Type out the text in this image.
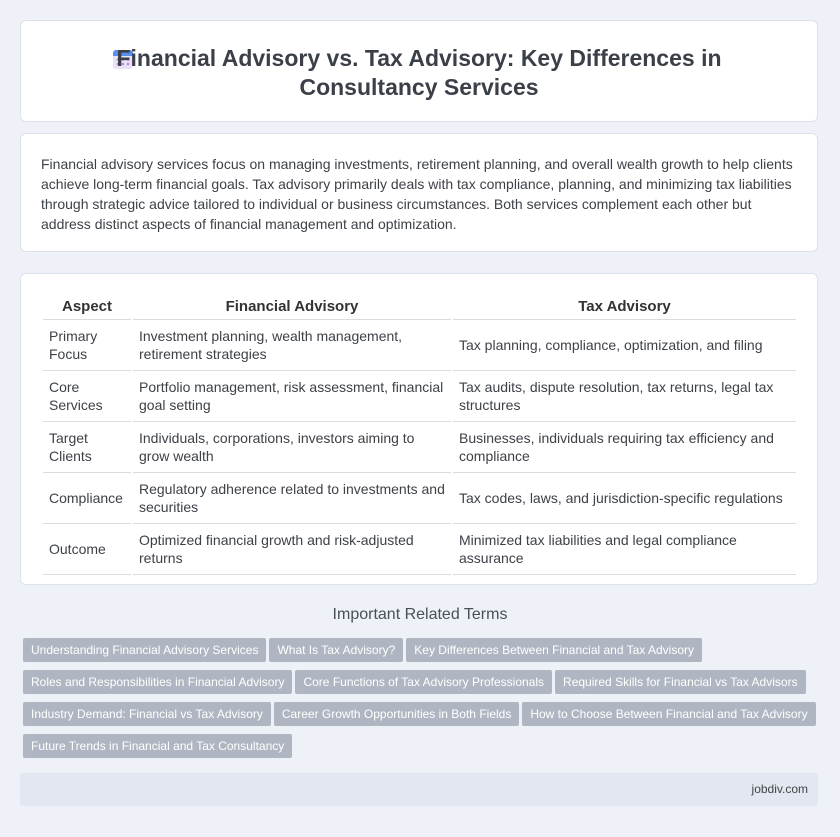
Financial Advisory vs. Tax Advisory: Key Differences in Consultancy Services

Financial advisory services focus on managing investments, retirement planning, and overall wealth growth to help clients achieve long-term financial goals. Tax advisory primarily deals with tax compliance, planning, and minimizing tax liabilities through strategic advice tailored to individual or business circumstances. Both services complement each other but address distinct aspects of financial management and optimization.

Aspect	Financial Advisory	Tax Advisory
Primary Focus	Investment planning, wealth management, retirement strategies	Tax planning, compliance, optimization, and filing
Core Services	Portfolio management, risk assessment, financial goal setting	Tax audits, dispute resolution, tax returns, legal tax structures
Target Clients	Individuals, corporations, investors aiming to grow wealth	Businesses, individuals requiring tax efficiency and compliance
Compliance	Regulatory adherence related to investments and securities	Tax codes, laws, and jurisdiction-specific regulations
Outcome	Optimized financial growth and risk-adjusted returns	Minimized tax liabilities and legal compliance assurance
Important Related Terms
Understanding Financial Advisory Services What Is Tax Advisory? Key Differences Between Financial and Tax Advisory
Roles and Responsibilities in Financial Advisory Core Functions of Tax Advisory Professionals Required Skills for Financial vs Tax Advisors
Industry Demand: Financial vs Tax Advisory Career Growth Opportunities in Both Fields How to Choose Between Financial and Tax Advisory
Future Trends in Financial and Tax Consultancy
jobdiv.com
